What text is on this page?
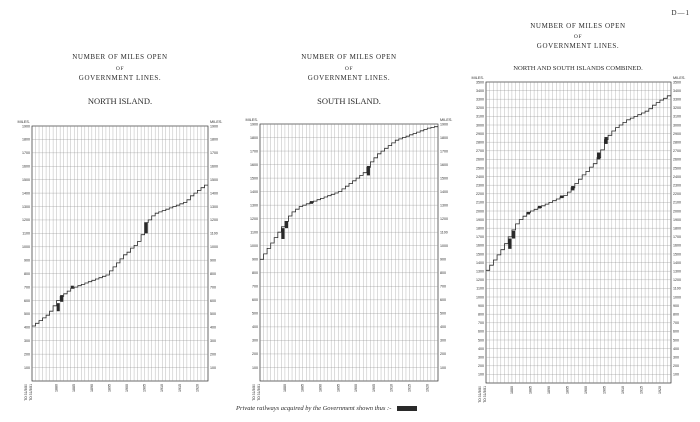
D—1
NUMBER OF MILES OPEN
OF
GOVERNMENT LINES.
NORTH ISLAND.
100	100
200	200
300	300
400	400
500	500
600	600
700	700
800	800
900	900
1000	1000
1100	1100
1200	1200
1300	1300
1400	1400
1500	1500
1600	1600
1700	1700
1800	1800
1900	1900
MILES.	MILES.
1880	1885	1890	1895	1900	1905	1910	1915	1920
TO 31/3/80 TO 31/3/81
NUMBER OF MILES OPEN
OF
GOVERNMENT LINES.
SOUTH ISLAND.
100	100
200	200
300	300
400	400
500	500
600	600
700	700
800	800
900	900
1000	1000
1100	1100
1200	1200
1300	1300
1400	1400
1500	1500
1600	1600
1700	1700
1800	1800
1900	1900
MILES.	MILES.
1880	1885	1890	1895	1900	1905	1910	1915	1920
TO 31/3/80 TO 31/3/81
NUMBER OF MILES OPEN
OF
GOVERNMENT LINES.
NORTH AND SOUTH ISLANDS COMBINED.
100	100
200	200
300	300
400	400
500	500
600	600
700	700
800	800
900	900
1000	1000
1100	1100
1200	1200
1300	1300
1400	1400
1500	1500
1600	1600
1700	1700
1800	1800
1900	1900
2000	2000
2100	2100
2200	2200
2300	2300
2400	2400
2500	2500
2600	2600
2700	2700
2800	2800
2900	2900
3000	3000
3100	3100
3200	3200
3300	3300
3400	3400
3500	3500
MILES.	MILES.
1880	1885	1890	1895	1900	1905	1910	1915	1920
TO 31/3/80 TO 31/3/81
Private railways acquired by the Government shown thus :-
